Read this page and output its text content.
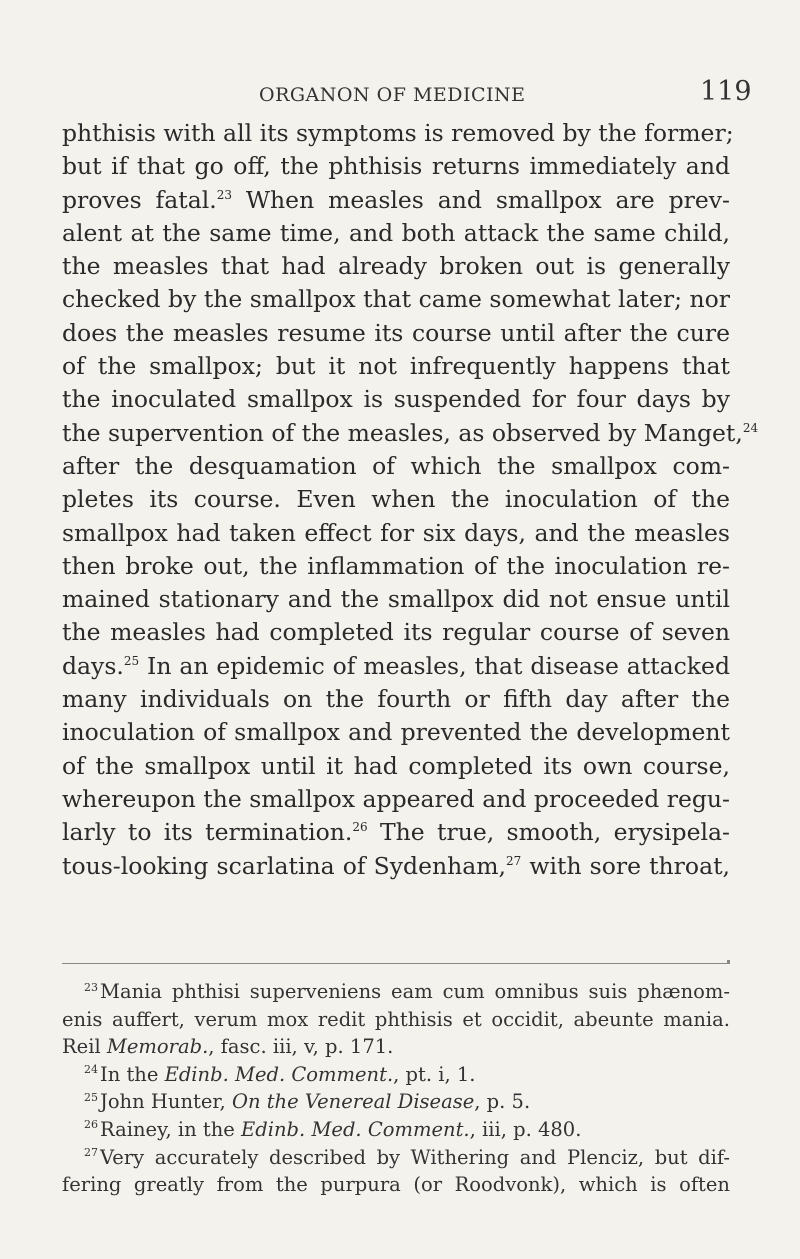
ORGANON OF MEDICINE	119
phthisis with all its symptoms is removed by the former;
but if that go off, the phthisis returns immediately and
proves fatal.$^{23}$ When measles and smallpox are prev-
alent at the same time, and both attack the same child,
the measles that had already broken out is generally
checked by the smallpox that came somewhat later; nor
does the measles resume its course until after the cure
of the smallpox; but it not infrequently happens that
the inoculated smallpox is suspended for four days by
the supervention of the measles, as observed by Manget,$^{24}$
after the desquamation of which the smallpox com-
pletes its course. Even when the inoculation of the
smallpox had taken effect for six days, and the measles
then broke out, the inflammation of the inoculation re-
mained stationary and the smallpox did not ensue until
the measles had completed its regular course of seven
days.$^{25}$ In an epidemic of measles, that disease attacked
many individuals on the fourth or fifth day after the
inoculation of smallpox and prevented the development
of the smallpox until it had completed its own course,
whereupon the smallpox appeared and proceeded regu-
larly to its termination.$^{26}$ The true, smooth, erysipela-
tous-looking scarlatina of Sydenham,$^{27}$ with sore throat,
$^{23}$ Mania phthisi superveniens eam cum omnibus suis phænom-
enis auffert, verum mox redit phthisis et occidit, abeunte mania.
Reil Memorab., fasc. iii, v, p. 171.
$^{24}$ In the Edinb. Med. Comment., pt. i, 1.
$^{25}$ John Hunter, On the Venereal Disease, p. 5.
$^{26}$ Rainey, in the Edinb. Med. Comment., iii, p. 480.
$^{27}$ Very accurately described by Withering and Plenciz, but dif-
fering greatly from the purpura (or Roodvonk), which is often
